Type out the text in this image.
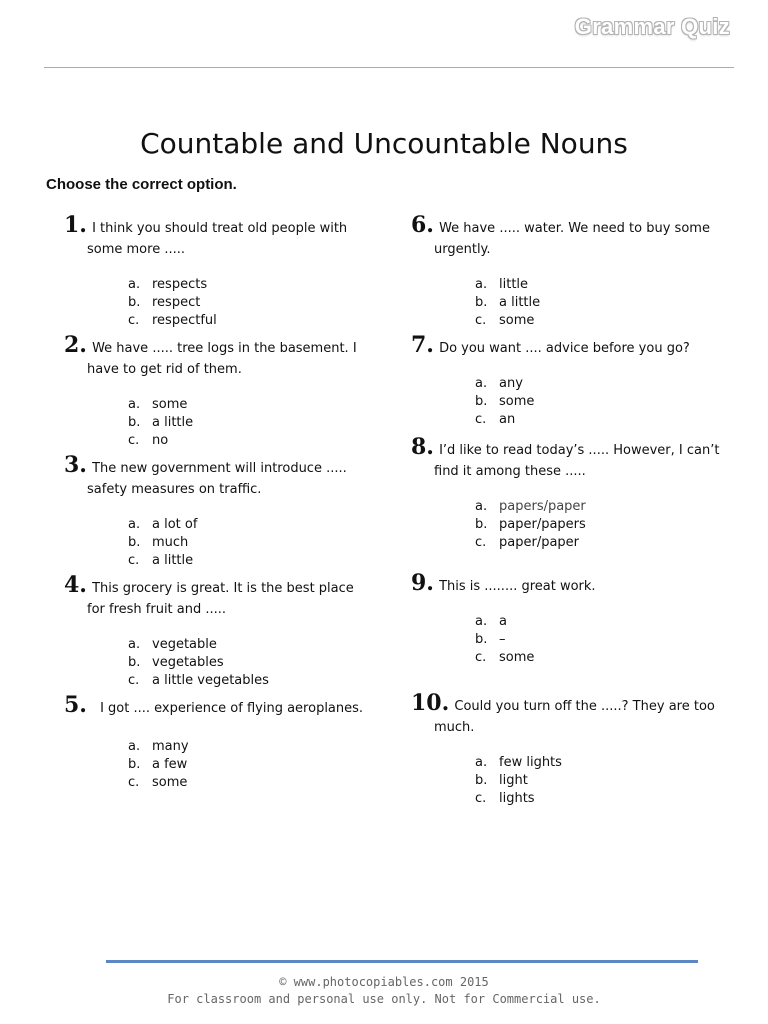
Grammar Quiz
Countable and Uncountable Nouns
Choose the correct option.
1. I think you should treat old people with some more .....
a. respects
b. respect
c. respectful
2. We have ..... tree logs in the basement. I have to get rid of them.
a. some
b. a little
c. no
3. The new government will introduce ..... safety measures on traffic.
a. a lot of
b. much
c. a little
4. This grocery is great. It is the best place for fresh fruit and .....
a. vegetable
b. vegetables
c. a little vegetables
5. I got .... experience of flying aeroplanes.
a. many
b. a few
c. some
6. We have ..... water. We need to buy some urgently.
a. little
b. a little
c. some
7. Do you want .... advice before you go?
a. any
b. some
c. an
8. I’d like to read today’s ..... However, I can’t find it among these .....
a. papers/paper
b. paper/papers
c. paper/paper
9. This is ........ great work.
a. a
b. –
c. some
10. Could you turn off the .....? They are too much.
a. few lights
b. light
c. lights
© www.photocopiables.com 2015
For classroom and personal use only. Not for Commercial use.
